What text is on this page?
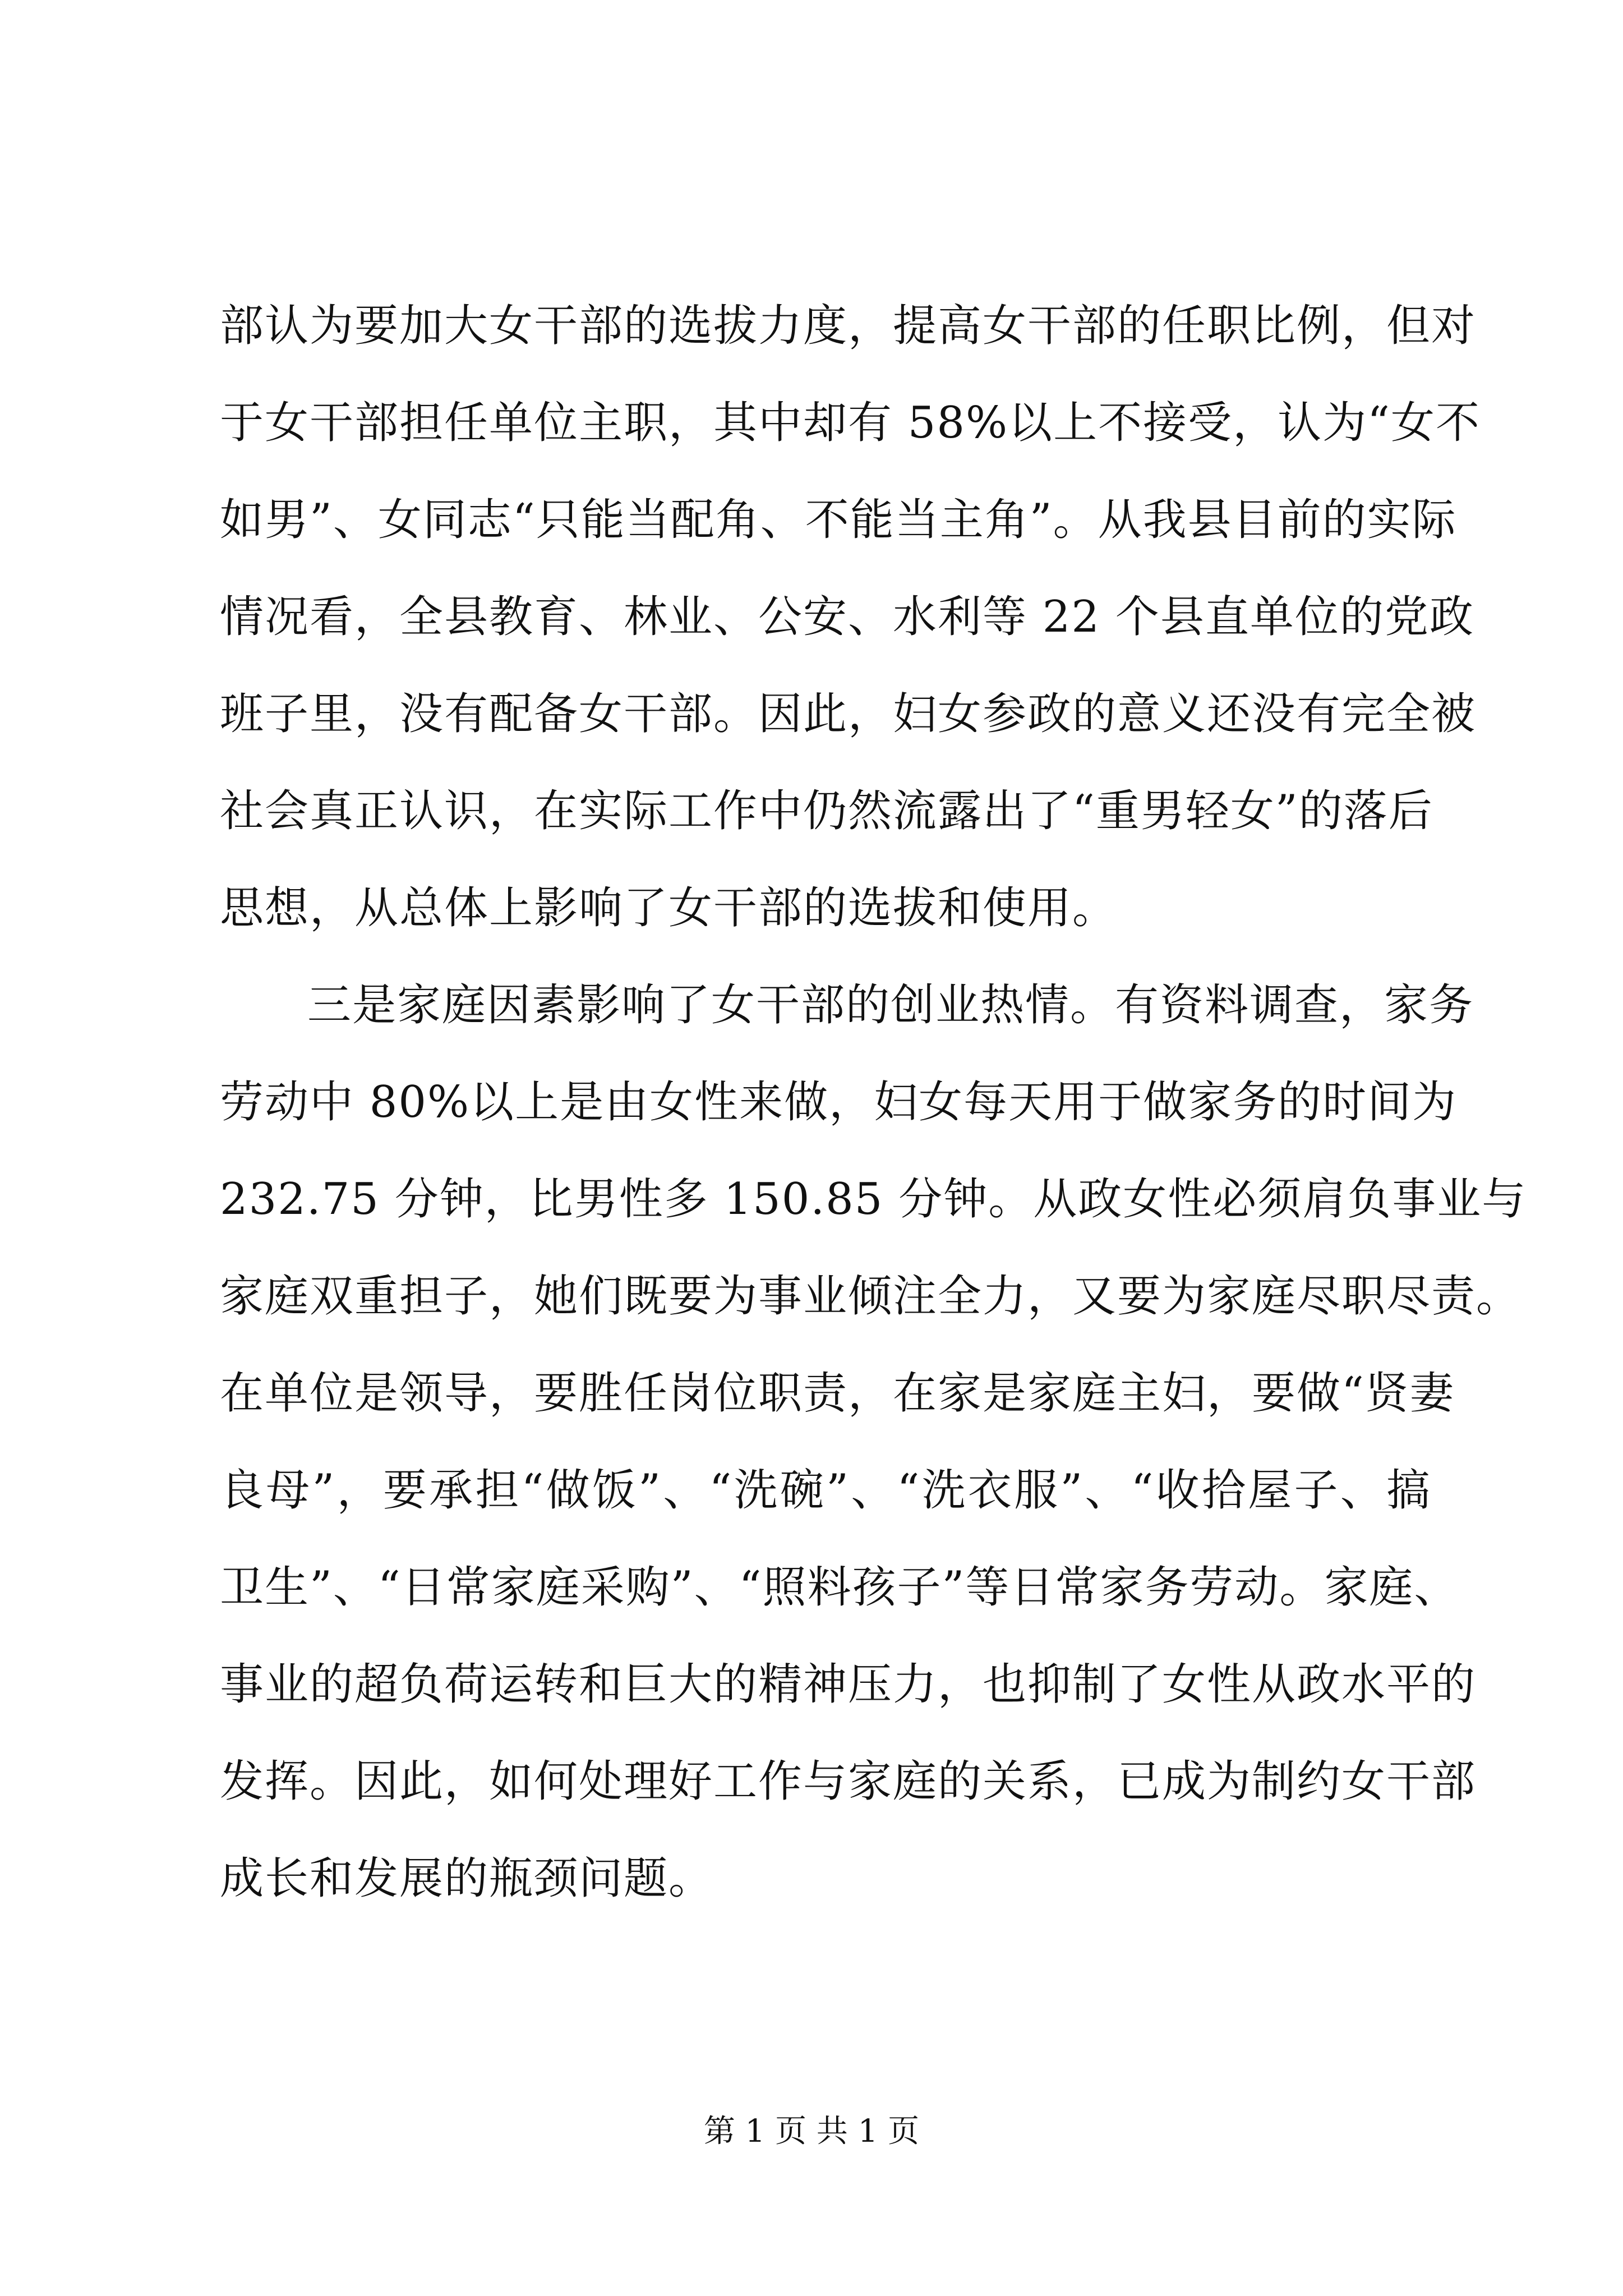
部认为要加大女干部的选拔力度，提高女干部的任职比例，但对
于女干部担任单位主职，其中却有 58%以上不接受，认为“女不
如男”、女同志“只能当配角、不能当主角”。从我县目前的实际
情况看，全县教育、林业、公安、水利等 22 个县直单位的党政
班子里，没有配备女干部。因此，妇女参政的意义还没有完全被
社会真正认识，在实际工作中仍然流露出了“重男轻女”的落后
思想，从总体上影响了女干部的选拔和使用。
三是家庭因素影响了女干部的创业热情。有资料调查，家务
劳动中 80%以上是由女性来做，妇女每天用于做家务的时间为
232.75 分钟，比男性多 150.85 分钟。从政女性必须肩负事业与
家庭双重担子，她们既要为事业倾注全力，又要为家庭尽职尽责。
在单位是领导，要胜任岗位职责，在家是家庭主妇，要做“贤妻
良母”，要承担“做饭”、“洗碗”、“洗衣服”、“收拾屋子、搞
卫生”、“日常家庭采购”、“照料孩子”等日常家务劳动。家庭、
事业的超负荷运转和巨大的精神压力，也抑制了女性从政水平的
发挥。因此，如何处理好工作与家庭的关系，已成为制约女干部
成长和发展的瓶颈问题。
第 1 页 共 1 页
